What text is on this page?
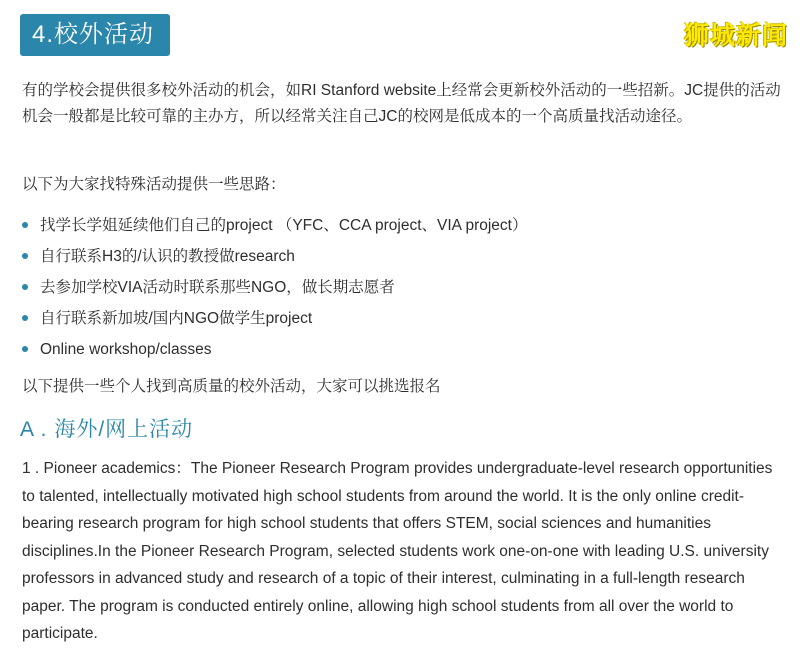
4.校外活动	狮城新闻

有的学校会提供很多校外活动的机会，如RI Stanford website上经常会更新校外活动的一些招新。JC提供的活动机会一般都是比较可靠的主办方，所以经常关注自己JC的校网是低成本的一个高质量找活动途径。

以下为大家找特殊活动提供一些思路：

找学长学姐延续他们自己的project （YFC、CCA project、VIA project）
自行联系H3的/认识的教授做research
去参加学校VIA活动时联系那些NGO，做长期志愿者
自行联系新加坡/国内NGO做学生project
Online workshop/classes

以下提供一些个人找到高质量的校外活动，大家可以挑选报名

A . 海外/网上活动

1 . Pioneer academics：The Pioneer Research Program provides undergraduate-level research opportunities to talented, intellectually motivated high school students from around the world. It is the only online credit-bearing research program for high school students that offers STEM, social sciences and humanities disciplines.In the Pioneer Research Program, selected students work one-on-one with leading U.S. university professors in advanced study and research of a topic of their interest, culminating in a full-length research paper. The program is conducted entirely online, allowing high school students from all over the world to participate.
